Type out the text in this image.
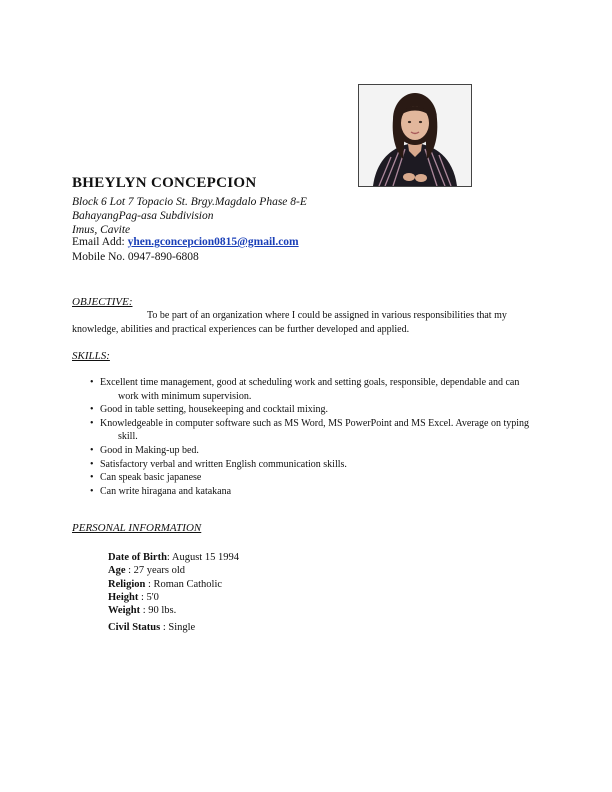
BHEYLYN CONCEPCION
Block 6 Lot 7 Topacio St. Brgy.Magdalo Phase 8-E
BahayangPag-asa Subdivision
Imus, Cavite
Email Add: yhen.gconcepcion0815@gmail.com
Mobile No. 0947-890-6808
OBJECTIVE:
To be part of an organization where I could be assigned in various responsibilities that my knowledge, abilities and practical experiences can be further developed and applied.
SKILLS:
• Excellent time management, good at scheduling work and setting goals, responsible, dependable and can work with minimum supervision.
• Good in table setting, housekeeping and cocktail mixing.
• Knowledgeable in computer software such as MS Word, MS PowerPoint and MS Excel. Average on typing skill.
• Good in Making-up bed.
• Satisfactory verbal and written English communication skills.
• Can speak basic japanese
• Can write hiragana and katakana
PERSONAL INFORMATION
Date of Birth: August 15 1994
Age : 27 years old
Religion : Roman Catholic
Height : 5'0
Weight : 90 lbs.
Civil Status : Single
